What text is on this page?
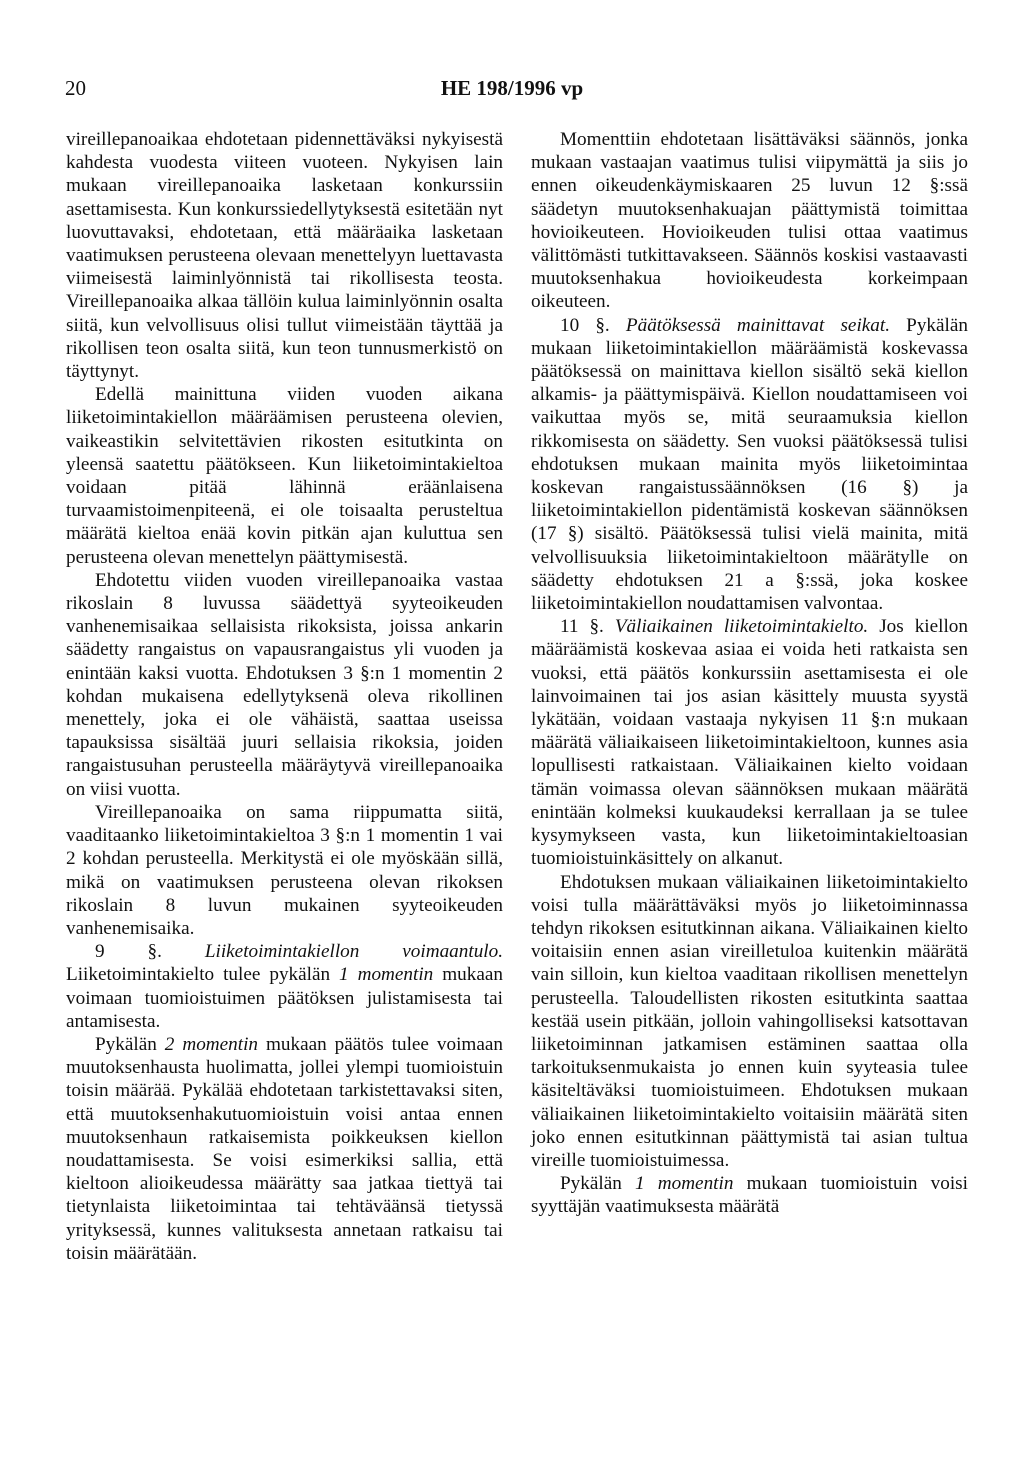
20	HE 198/1996 vp

vireillepanoaikaa ehdotetaan pidennettäväksi nykyisestä kahdesta vuodesta viiteen vuoteen. Nykyisen lain mukaan vireillepanoaika lasketaan konkurssiin asettamisesta. Kun konkurssiedellytyksestä esitetään nyt luovuttavaksi, ehdotetaan, että määräaika lasketaan vaatimuksen perusteena olevaan menettelyyn luettavasta viimeisestä laiminlyönnistä tai rikollisesta teosta. Vireillepanoaika alkaa tällöin kulua laiminlyönnin osalta siitä, kun velvollisuus olisi tullut viimeistään täyttää ja rikollisen teon osalta siitä, kun teon tunnusmerkistö on täyttynyt.

Edellä mainittuna viiden vuoden aikana liiketoimintakiellon määräämisen perusteena olevien, vaikeastikin selvitettävien rikosten esitutkinta on yleensä saatettu päätökseen. Kun liiketoimintakieltoa voidaan pitää lähinnä eräänlaisena turvaamistoimenpiteenä, ei ole toisaalta perusteltua määrätä kieltoa enää kovin pitkän ajan kuluttua sen perusteena olevan menettelyn päättymisestä.

Ehdotettu viiden vuoden vireillepanoaika vastaa rikoslain 8 luvussa säädettyä syyteoikeuden vanhenemisaikaa sellaisista rikoksista, joissa ankarin säädetty rangaistus on vapausrangaistus yli vuoden ja enintään kaksi vuotta. Ehdotuksen 3 §:n 1 momentin 2 kohdan mukaisena edellytyksenä oleva rikollinen menettely, joka ei ole vähäistä, saattaa useissa tapauksissa sisältää juuri sellaisia rikoksia, joiden rangaistusuhan perusteella määräytyvä vireillepanoaika on viisi vuotta.

Vireillepanoaika on sama riippumatta siitä, vaaditaanko liiketoimintakieltoa 3 §:n 1 momentin 1 vai 2 kohdan perusteella. Merkitystä ei ole myöskään sillä, mikä on vaatimuksen perusteena olevan rikoksen rikoslain 8 luvun mukainen syyteoikeuden vanhenemisaika.

9 §. Liiketoimintakiellon voimaantulo. Liiketoimintakielto tulee pykälän 1 momentin mukaan voimaan tuomioistuimen päätöksen julistamisesta tai antamisesta.

Pykälän 2 momentin mukaan päätös tulee voimaan muutoksenhausta huolimatta, jollei ylempi tuomioistuin toisin määrää. Pykälää ehdotetaan tarkistettavaksi siten, että muutoksenhakutuomioistuin voisi antaa ennen muutoksenhaun ratkaisemista poikkeuksen kiellon noudattamisesta. Se voisi esimerkiksi sallia, että kieltoon alioikeudessa määrätty saa jatkaa tiettyä tai tietynlaista liiketoimintaa tai tehtäväänsä tietyssä yrityksessä, kunnes valituksesta annetaan ratkaisu tai toisin määrätään.

Momenttiin ehdotetaan lisättäväksi säännös, jonka mukaan vastaajan vaatimus tulisi viipymättä ja siis jo ennen oikeudenkäymiskaaren 25 luvun 12 §:ssä säädetyn muutoksenhakuajan päättymistä toimittaa hovioikeuteen. Hovioikeuden tulisi ottaa vaatimus välittömästi tutkittavakseen. Säännös koskisi vastaavasti muutoksenhakua hovioikeudesta korkeimpaan oikeuteen.

10 §. Päätöksessä mainittavat seikat. Pykälän mukaan liiketoimintakiellon määräämistä koskevassa päätöksessä on mainittava kiellon sisältö sekä kiellon alkamis- ja päättymispäivä. Kiellon noudattamiseen voi vaikuttaa myös se, mitä seuraamuksia kiellon rikkomisesta on säädetty. Sen vuoksi päätöksessä tulisi ehdotuksen mukaan mainita myös liiketoimintaa koskevan rangaistussäännöksen (16 §) ja liiketoimintakiellon pidentämistä koskevan säännöksen (17 §) sisältö. Päätöksessä tulisi vielä mainita, mitä velvollisuuksia liiketoimintakieltoon määrätylle on säädetty ehdotuksen 21 a §:ssä, joka koskee liiketoimintakiellon noudattamisen valvontaa.

11 §. Väliaikainen liiketoimintakielto. Jos kiellon määräämistä koskevaa asiaa ei voida heti ratkaista sen vuoksi, että päätös konkurssiin asettamisesta ei ole lainvoimainen tai jos asian käsittely muusta syystä lykätään, voidaan vastaaja nykyisen 11 §:n mukaan määrätä väliaikaiseen liiketoimintakieltoon, kunnes asia lopullisesti ratkaistaan. Väliaikainen kielto voidaan tämän voimassa olevan säännöksen mukaan määrätä enintään kolmeksi kuukaudeksi kerrallaan ja se tulee kysymykseen vasta, kun liiketoimintakieltoasian tuomioistuinkäsittely on alkanut.

Ehdotuksen mukaan väliaikainen liiketoimintakielto voisi tulla määrättäväksi myös jo liiketoiminnassa tehdyn rikoksen esitutkinnan aikana. Väliaikainen kielto voitaisiin ennen asian vireilletuloa kuitenkin määrätä vain silloin, kun kieltoa vaaditaan rikollisen menettelyn perusteella. Taloudellisten rikosten esitutkinta saattaa kestää usein pitkään, jolloin vahingolliseksi katsottavan liiketoiminnan jatkamisen estäminen saattaa olla tarkoituksenmukaista jo ennen kuin syyteasia tulee käsiteltäväksi tuomioistuimeen. Ehdotuksen mukaan väliaikainen liiketoimintakielto voitaisiin määrätä siten joko ennen esitutkinnan päättymistä tai asian tultua vireille tuomioistuimessa.

Pykälän 1 momentin mukaan tuomioistuin voisi syyttäjän vaatimuksesta määrätä
